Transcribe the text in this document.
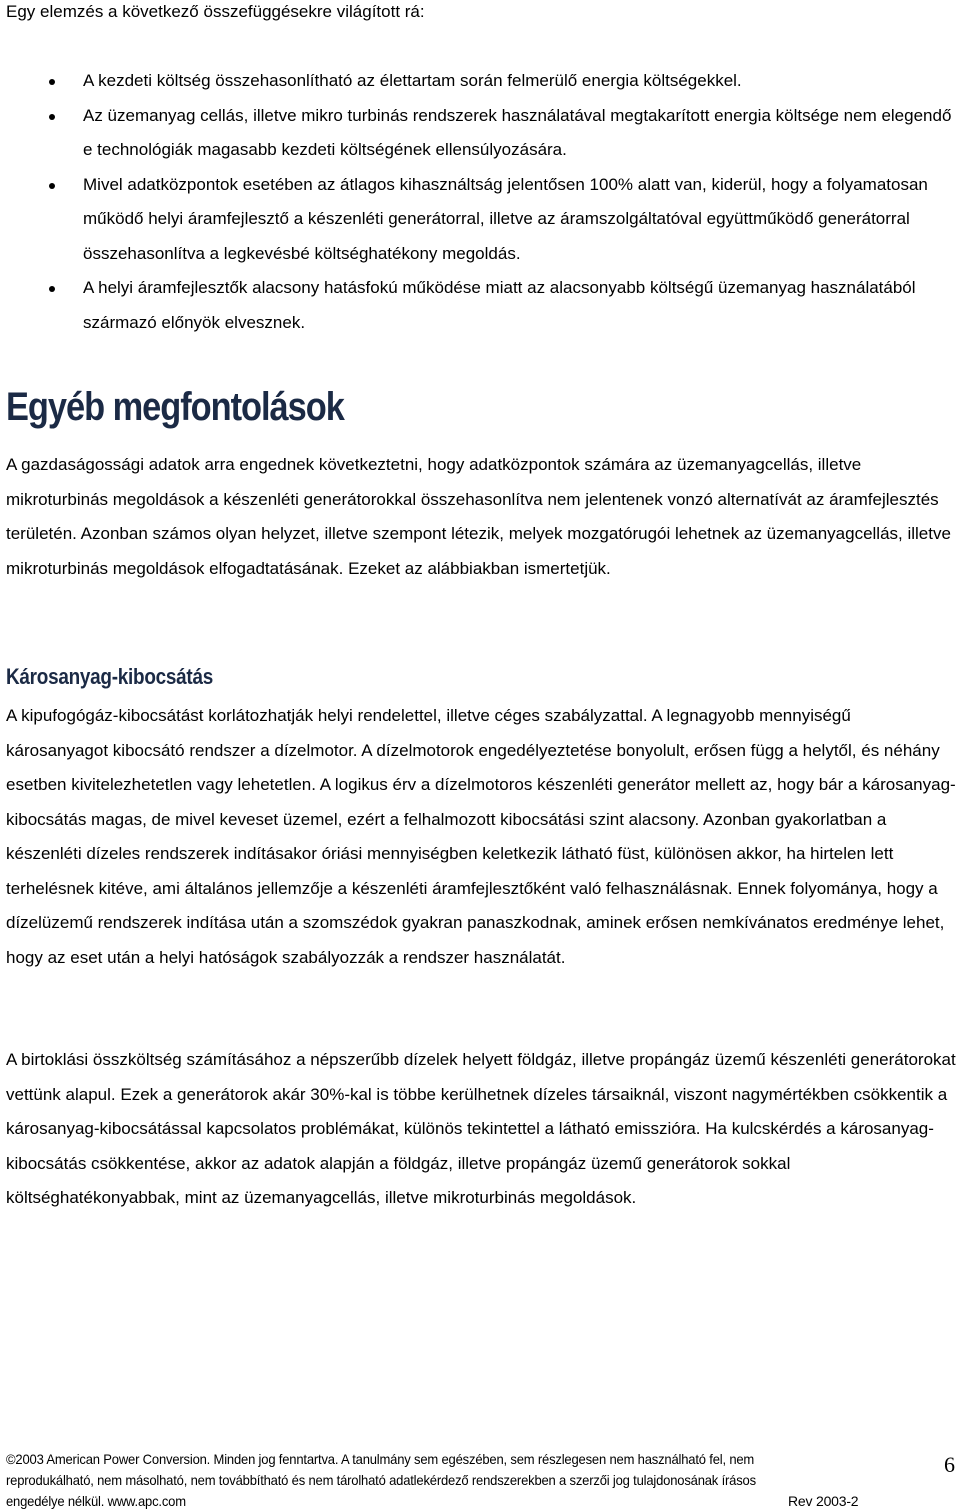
Egy elemzés a következő összefüggésekre világított rá:
A kezdeti költség összehasonlítható az élettartam során felmerülő energia költségekkel.
Az üzemanyag cellás, illetve mikro turbinás rendszerek használatával megtakarított energia költsége nem elegendő e technológiák magasabb kezdeti költségének ellensúlyozására.
Mivel adatközpontok esetében az átlagos kihasználtság jelentősen 100% alatt van, kiderül, hogy a folyamatosan működő helyi áramfejlesztő a készenléti generátorral, illetve az áramszolgáltatóval együttműködő generátorral összehasonlítva a legkevésbé költséghatékony megoldás.
A helyi áramfejlesztők alacsony hatásfokú működése miatt az alacsonyabb költségű üzemanyag használatából származó előnyök elvesznek.
Egyéb megfontolások

A gazdaságossági adatok arra engednek következtetni, hogy adatközpontok számára az üzemanyagcellás, illetve mikroturbinás megoldások a készenléti generátorokkal összehasonlítva nem jelentenek vonzó alternatívát az áramfejlesztés területén. Azonban számos olyan helyzet, illetve szempont létezik, melyek mozgatórugói lehetnek az üzemanyagcellás, illetve mikroturbinás megoldások elfogadtatásának. Ezeket az alábbiakban ismertetjük.

Károsanyag-kibocsátás

A kipufogógáz-kibocsátást korlátozhatják helyi rendelettel, illetve céges szabályzattal. A legnagyobb mennyiségű károsanyagot kibocsátó rendszer a dízelmotor. A dízelmotorok engedélyeztetése bonyolult, erősen függ a helytől, és néhány esetben kivitelezhetetlen vagy lehetetlen. A logikus érv a dízelmotoros készenléti generátor mellett az, hogy bár a károsanyag-kibocsátás magas, de mivel keveset üzemel, ezért a felhalmozott kibocsátási szint alacsony. Azonban gyakorlatban a készenléti dízeles rendszerek indításakor óriási mennyiségben keletkezik látható füst, különösen akkor, ha hirtelen lett terhelésnek kitéve, ami általános jellemzője a készenléti áramfejlesztőként való felhasználásnak. Ennek folyománya, hogy a dízelüzemű rendszerek indítása után a szomszédok gyakran panaszkodnak, aminek erősen nemkívánatos eredménye lehet, hogy az eset után a helyi hatóságok szabályozzák a rendszer használatát.

A birtoklási összköltség számításához a népszerűbb dízelek helyett földgáz, illetve propángáz üzemű készenléti generátorokat vettünk alapul. Ezek a generátorok akár 30%-kal is többe kerülhetnek dízeles társaiknál, viszont nagymértékben csökkentik a károsanyag-kibocsátással kapcsolatos problémákat, különös tekintettel a látható emisszióra. Ha kulcskérdés a károsanyag-kibocsátás csökkentése, akkor az adatok alapján a földgáz, illetve propángáz üzemű generátorok sokkal költséghatékonyabbak, mint az üzemanyagcellás, illetve mikroturbinás megoldások.

©2003 American Power Conversion. Minden jog fenntartva. A tanulmány sem egészében, sem részlegesen nem használható fel, nem
reprodukálható, nem másolható, nem továbbítható és nem tárolható adatlekérdező rendszerekben a szerzői jog tulajdonosának írásos
engedélye nélkül. www.apc.com	Rev 2003-2
6
